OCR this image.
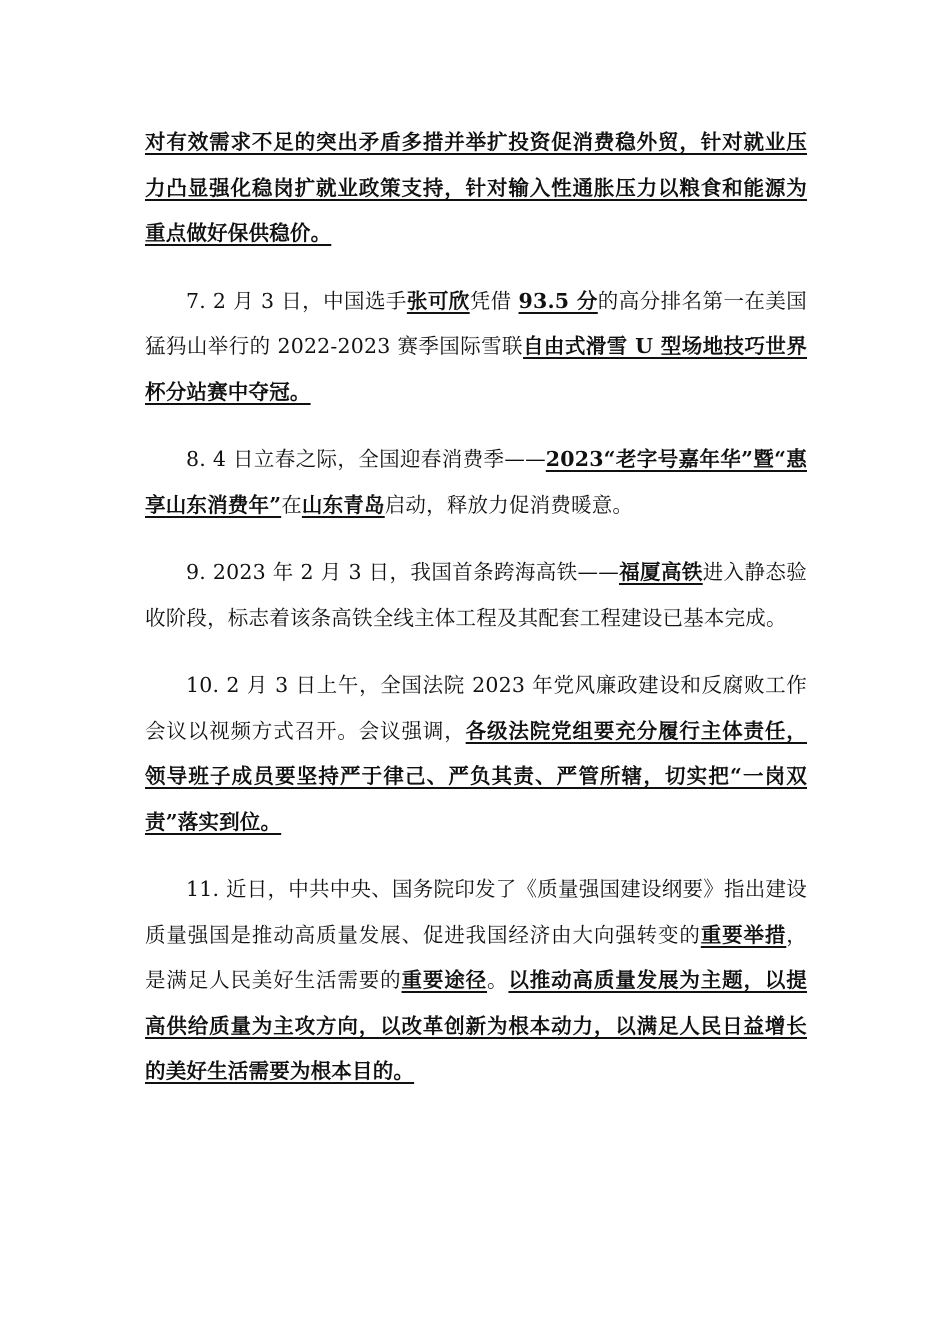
对有效需求不足的突出矛盾多措并举扩投资促消费稳外贸，针对就业压力凸显强化稳岗扩就业政策支持，针对输入性通胀压力以粮食和能源为重点做好保供稳价。

7. 2 月 3 日，中国选手张可欣凭借 93.5 分的高分排名第一在美国猛犸山举行的 2022-2023 赛季国际雪联自由式滑雪 U 型场地技巧世界杯分站赛中夺冠。

8. 4 日立春之际，全国迎春消费季——2023“老字号嘉年华”暨“惠享山东消费年”在山东青岛启动，释放力促消费暖意。

9. 2023 年 2 月 3 日，我国首条跨海高铁——福厦高铁进入静态验收阶段，标志着该条高铁全线主体工程及其配套工程建设已基本完成。

10. 2 月 3 日上午，全国法院 2023 年党风廉政建设和反腐败工作会议以视频方式召开。会议强调，各级法院党组要充分履行主体责任，领导班子成员要坚持严于律己、严负其责、严管所辖，切实把“一岗双责”落实到位。

11. 近日，中共中央、国务院印发了《质量强国建设纲要》指出建设质量强国是推动高质量发展、促进我国经济由大向强转变的重要举措，是满足人民美好生活需要的重要途径。以推动高质量发展为主题，以提高供给质量为主攻方向，以改革创新为根本动力，以满足人民日益增长的美好生活需要为根本目的。
